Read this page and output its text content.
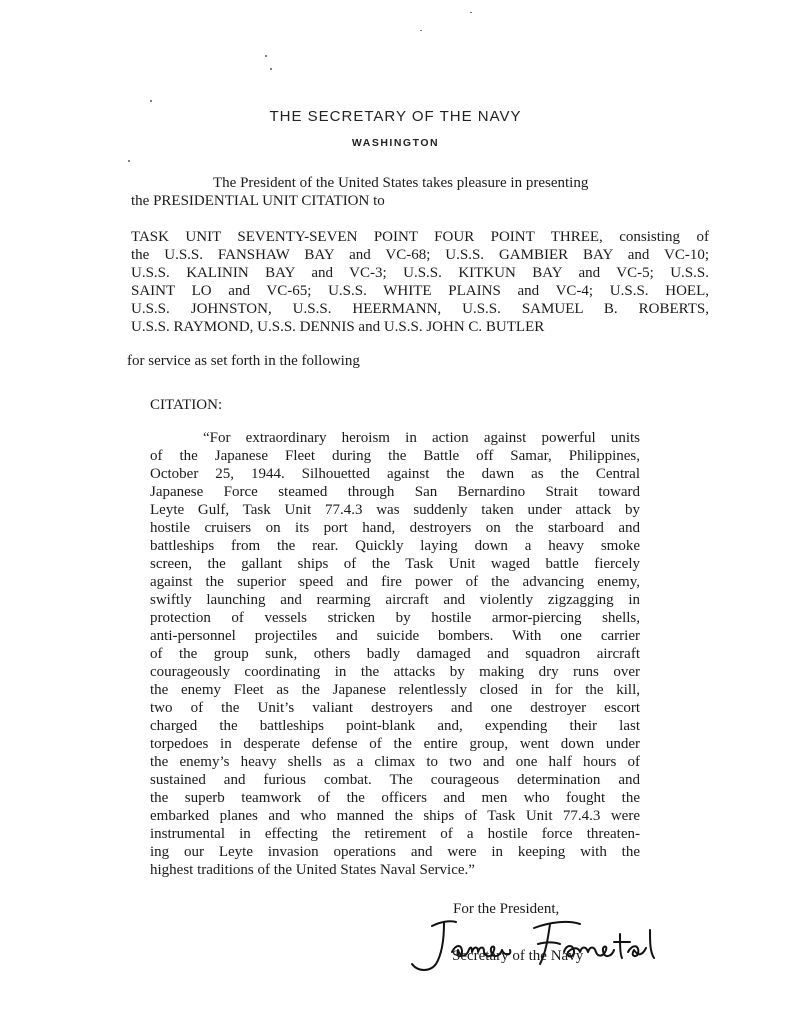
THE SECRETARY OF THE NAVY
WASHINGTON
The President of the United States takes pleasure in presenting
the PRESIDENTIAL UNIT CITATION to
TASK UNIT SEVENTY-SEVEN POINT FOUR POINT THREE, consisting of
the U.S.S. FANSHAW BAY and VC-68; U.S.S. GAMBIER BAY and VC-10;
U.S.S. KALININ BAY and VC-3; U.S.S. KITKUN BAY and VC-5; U.S.S.
SAINT LO and VC-65; U.S.S. WHITE PLAINS and VC-4; U.S.S. HOEL,
U.S.S. JOHNSTON, U.S.S. HEERMANN, U.S.S. SAMUEL B. ROBERTS,
U.S.S. RAYMOND, U.S.S. DENNIS and U.S.S. JOHN C. BUTLER
for service as set forth in the following
CITATION:
“For extraordinary heroism in action against powerful units
of the Japanese Fleet during the Battle off Samar, Philippines,
October 25, 1944. Silhouetted against the dawn as the Central
Japanese Force steamed through San Bernardino Strait toward
Leyte Gulf, Task Unit 77.4.3 was suddenly taken under attack by
hostile cruisers on its port hand, destroyers on the starboard and
battleships from the rear. Quickly laying down a heavy smoke
screen, the gallant ships of the Task Unit waged battle fiercely
against the superior speed and fire power of the advancing enemy,
swiftly launching and rearming aircraft and violently zigzagging in
protection of vessels stricken by hostile armor-piercing shells,
anti-personnel projectiles and suicide bombers. With one carrier
of the group sunk, others badly damaged and squadron aircraft
courageously coordinating in the attacks by making dry runs over
the enemy Fleet as the Japanese relentlessly closed in for the kill,
two of the Unit’s valiant destroyers and one destroyer escort
charged the battleships point-blank and, expending their last
torpedoes in desperate defense of the entire group, went down under
the enemy’s heavy shells as a climax to two and one half hours of
sustained and furious combat. The courageous determination and
the superb teamwork of the officers and men who fought the
embarked planes and who manned the ships of Task Unit 77.4.3 were
instrumental in effecting the retirement of a hostile force threaten-
ing our Leyte invasion operations and were in keeping with the
highest traditions of the United States Naval Service.”
For the President,
Secretary of the Navy
